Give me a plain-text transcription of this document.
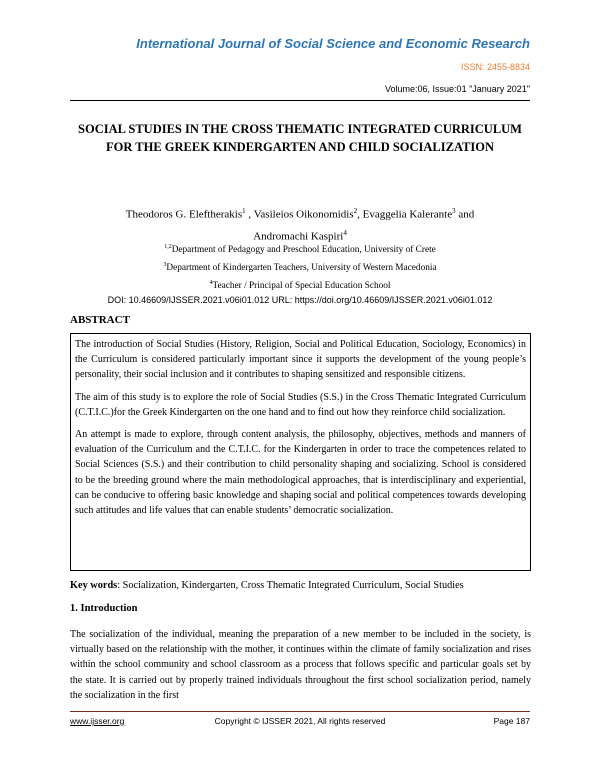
International Journal of Social Science and Economic Research
ISSN: 2455-8834
Volume:06, Issue:01 "January 2021"
SOCIAL STUDIES IN THE CROSS THEMATIC INTEGRATED CURRICULUM FOR THE GREEK KINDERGARTEN AND CHILD SOCIALIZATION
Theodoros G. Eleftherakis$^1$ , Vasileios Oikonomidis$^2$, Evaggelia Kalerante$^3$ and
Andromachi Kaspiri$^4$
$^{1,2}$Department of Pedagogy and Preschool Education, University of Crete
$^3$Department of Kindergarten Teachers, University of Western Macedonia
$^4$Teacher / Principal of Special Education School
DOI: 10.46609/IJSSER.2021.v06i01.012 URL: https://doi.org/10.46609/IJSSER.2021.v06i01.012
ABSTRACT

The introduction of Social Studies (History, Religion, Social and Political Education, Sociology, Economics) in the Curriculum is considered particularly important since it supports the development of the young people’s personality, their social inclusion and it contributes to shaping sensitized and responsible citizens.

The aim of this study is to explore the role of Social Studies (S.S.) in the Cross Thematic Integrated Curriculum (C.T.I.C.)for the Greek Kindergarten on the one hand and to find out how they reinforce child socialization.

An attempt is made to explore, through content analysis, the philosophy, objectives, methods and manners of evaluation of the Curriculum and the C.T.I.C. for the Kindergarten in order to trace the competences related to Social Sciences (S.S.) and their contribution to child personality shaping and socializing. School is considered to be the breeding ground where the main methodological approaches, that is interdisciplinary and experiential, can be conducive to offering basic knowledge and shaping social and political competences towards developing such attitudes and life values that can enable students’ democratic socialization.

Key words: Socialization, Kindergarten, Cross Thematic Integrated Curriculum, Social Studies
1. Introduction

The socialization of the individual, meaning the preparation of a new member to be included in the society, is virtually based on the relationship with the mother, it continues within the climate of family socialization and rises within the school community and school classroom as a process that follows specific and particular goals set by the state. It is carried out by properly trained individuals throughout the first school socialization period, namely the socialization in the first

www.ijsser.org	Copyright © IJSSER 2021, All rights reserved	Page 187
